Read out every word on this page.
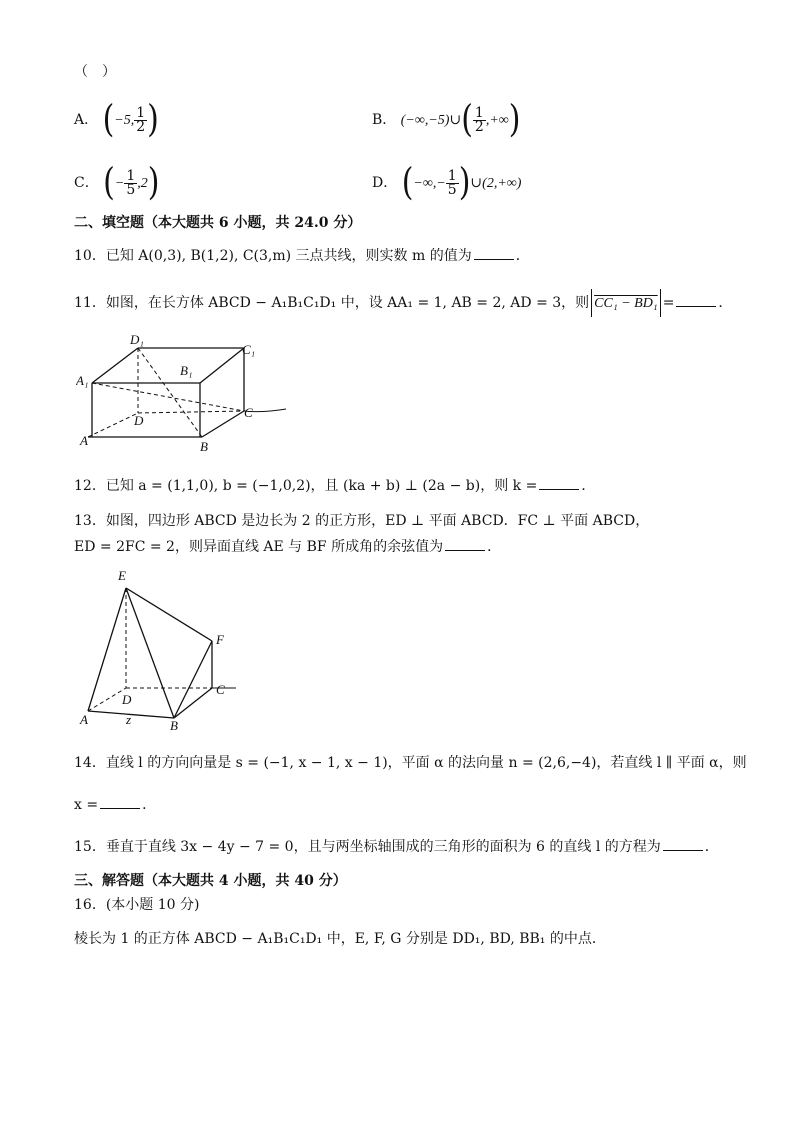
（　）
A． (−5, $\frac{1}{2}$ )	B． (−∞,−5)∪( $\frac{1}{2}$ ,+∞)
C． (− $\frac{1}{5} ,2$)	D． (−∞,− $\frac{1}{5}$ )∪(2,+∞)
二、填空题（本大题共 6 小题，共 24.0 分）
10．已知 A(0,3), B(1,2), C(3,m) 三点共线，则实数 m 的值为	．
11．如图，在长方体 ABCD − A₁B₁C₁D₁ 中，设 AA₁ = 1, AB = 2, AD = 3，则 CC₁ − BD₁ =	．
D₁
C₁
A₁
B₁
D
C
A	B
12．已知 a = (1,1,0), b = (−1,0,2)，且 (ka + b) ⊥ (2a − b)，则 k =	．
13．如图，四边形 ABCD 是边长为 2 的正方形，ED ⊥ 平面 ABCD．FC ⊥ 平面 ABCD，
ED = 2FC = 2，则异面直线 AE 与 BF 所成角的余弦值为	．
E
F
C
D
A	z	B
14．直线 l 的方向向量是 s = (−1, x − 1, x − 1)，平面 α 的法向量 n = (2,6,−4)，若直线 l ∥ 平面 α，则
x =	．
15．垂直于直线 3x − 4y − 7 = 0，且与两坐标轴围成的三角形的面积为 6 的直线 l 的方程为	．
三、解答题（本大题共 4 小题，共 40 分）
16．(本小题 10 分)
棱长为 1 的正方体 ABCD − A₁B₁C₁D₁ 中，E, F, G 分别是 DD₁, BD, BB₁ 的中点．
